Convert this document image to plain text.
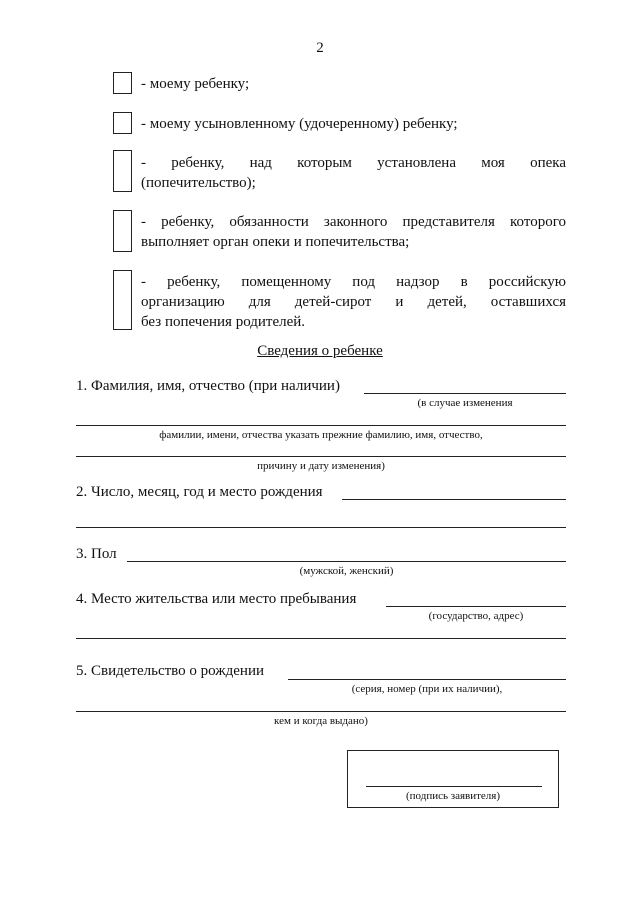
2
- моему ребенку;
- моему усыновленному (удочеренному) ребенку;
- ребенку, над которым установлена моя опека
(попечительство);
- ребенку, обязанности законного представителя которого
выполняет орган опеки и попечительства;
- ребенку, помещенному под надзор в российскую
организацию для детей-сирот и детей, оставшихся
без попечения родителей.
Сведения о ребенке
1. Фамилия, имя, отчество (при наличии)
(в случае изменения
фамилии, имени, отчества указать прежние фамилию, имя, отчество,
причину и дату изменения)
2. Число, месяц, год и место рождения
3. Пол
(мужской, женский)
4. Место жительства или место пребывания
(государство, адрес)
5. Свидетельство о рождении
(серия, номер (при их наличии),
кем и когда выдано)
(подпись заявителя)
